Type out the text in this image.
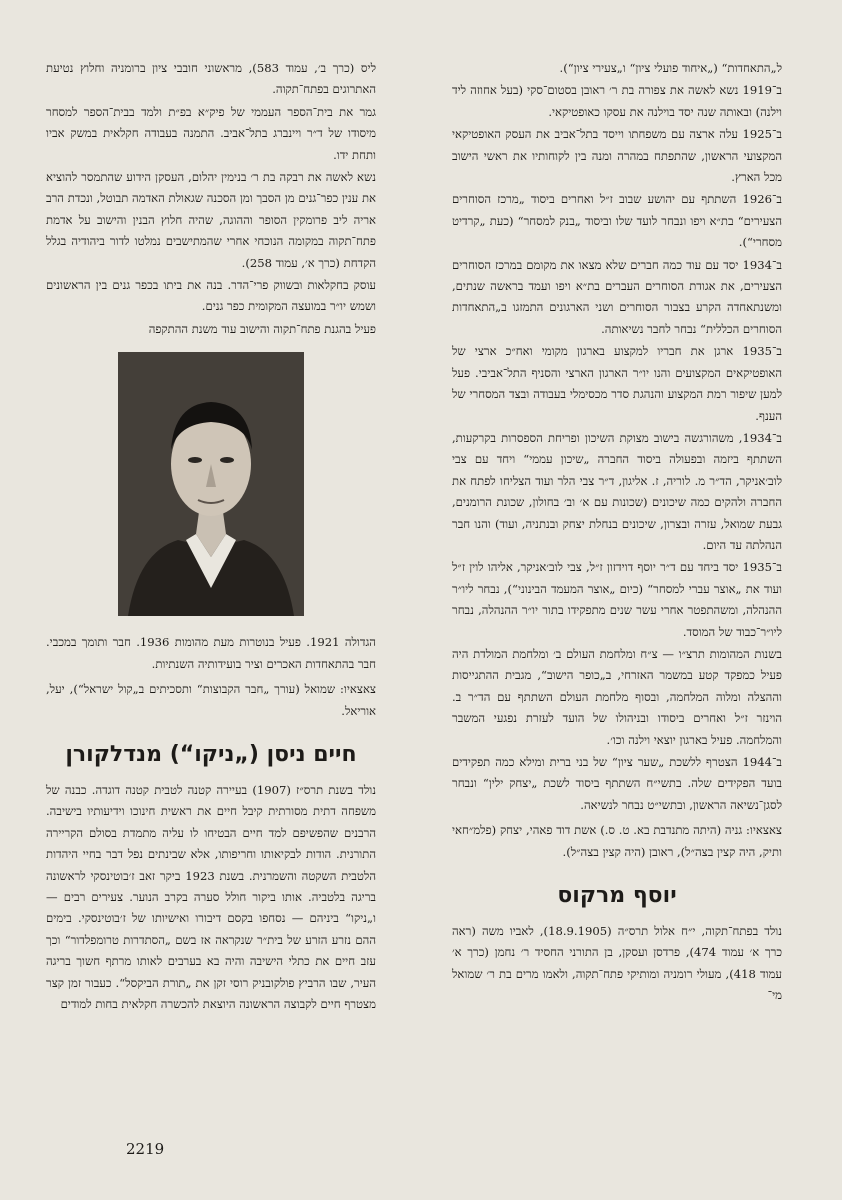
ל„התאחדות“ („איחוד פועלי ציון“ ו„צעירי ציון“).

ב־1919 נשא לאשה את צפורה בת ר׳ ראובן בסטום־סקי (בעל אחוזה ליד וילנה) ובאותה שנה יסד בוילנה את עסקו כאופטיקאי.

ב־1925 עלה ארצה עם משפחתו וייסד בתל־אביב את העסק האופטיקאי המקצועי הראשון, שהתפתח במהרה ומנה בין לקוחותיו את ראשי הישוב מכל הארץ.

ב־1926 השתתף עם יהושע שבוב ז״ל ואחרים ביסוד „מרכז הסוחרים הצעירים“ בת״א ויפו ונבחר לועד שלו וביסוד „בנק למסחר“ (כעת „קרדיט מסחרי“).

ב־1934 יסד עם עוד כמה חברים שלא מצאו את מקומם במרכז הסוחרים הצעירים, את אגודת הסוחרים העברים בת״א ויפו ועמד בראשה שנתים, ומשנתאחדה הקרע בצבור הסוחרים ושני הארגונים התמזגו ב„התאחדות הסוחרים הכללית“ נבחר לחבר נשיאותה.

ב־1935 ארגן את חבריו למקצוע בארגון מקומי ואח״כ ארצי של האופטיקאים המקצועים והנו יו״ר הארגון הארצי והסניף התל־אביבי. פעל למען שיפור רמת המקצוע והנהגת סדר מכסימלי בעבודה ובצד המסחרי של הענף.

ב־1934, משהורגשה בישוב מצוקת השיכון ופריחת הספסרות בקרקעות, השתתף ביזמה ובפעולה ביסוד החברה „שיכון עממי“ ויחד עם צבי לוב׳אניקר, הד״ר מ. לוריה, ז. אליגון, ד״ר צבי הלר ועוד הצליחו לפתח את החברה ולהקים כמה שיכונים (שכונות עם א׳ וב׳ בחולון, שכונת הרומנים, גבעת שמואל, עזרה ובצרון, שיכונים בנחלת יצחק ובנתניה, ועוד) והנו חבר הנהלתה עד היום.

ב־1935 יסד ביחד עם ד״ר יוסף דוידזון ז״ל, צבי לוב׳אניקר, אליהו לוין ז״ל ועוד את „אוצר עברי למסחר“ (כיום „אוצר המעמד הבינוני“), נבחר ליו״ר ההנהלה, ומשהתפטר אחרי עשר שנים מתפקידו בתור יו״ר ההנהלה, נבחר ליו״ר־כבוד של המוסד.

בשנות המהומות תרצ״ו — צ״ח ומלחמת העולם ב׳ ומלחמת המולדת היה פעיל כמפקד קטע במשמר האזרחי, ב„כופר הישוב“, מגבית ההתגייסות וההצלה ומלוה המלחמה, ובסוף מלחמת העולם השתתף עם הד״ר ב. הוינזר ז״ל ואחרים ביסודו ובניהולו של הועד לעזרת נפגעי המשבר והמלחמה. פעיל בארגון יוצאי וילנה וכו׳.

ב־1944 הצטרף ללשכת „שער ציון“ של בני ברית ומילא כמה תפקידים בועד הפקידים שלה. בתשי״ח השתתף ביסוד לשכת „יצחק ילין“ ונבחר לסגן־נשיאה הראשון, ובתשי״ט נבחר לנשיאה.

צאצאיו: גניה (היתה מתנדבת בא. ט. ס.) אשת דוד פאהי, יצחק (פלמ״חאי ותיק, היה קצין בצה״ל), ראובן (היה קצין בצה״ל).

יוסף מרקוס

נולד בפתח־תקוה, י״ח אלול תרס״ה (18.9.1905), לאביו משה (ראה כרך א׳ עמוד 474), פרדסן ועסקן, בן התורני החסיד ר׳ נחמן (כרך א׳ עמוד 418), מעולי רומניה ומותיקי פתח־תקוה, ולאמו מרים בת ר׳ שמואל מי־

ליס (כרך ב׳, עמוד 583), מראשוני חובבי ציון ברומניה וחלוץ נטיעת האתרוגים בפתח־תקוה.

גמר את בית־הספר העממי של פיק״א בפ״ת ולמד בבית־הספר למסחר מיסודו של ד״ר ויינברג בתל־אביב. התמנה בעבודה חקלאית במשק אביו ותחת ידו.

נשא לאשה את רבקה בת ר׳ בנימין יהלום, העסקן הידוע שהתמסר להוציא את ענין כפר־גנים מן הסבך ומן הסכנה שגאולת האדמה תבוטל, ונכדת הרב אריה ליב פרומקין הסופר וההוגה, שהיה חלוץ הבנין והישוב על אדמת פתח־תקוה במקומה הנוכחי אחרי שהמתישבים נמלטו לדור ביהודיה בגלל הקדחת (כרך א׳, עמוד 258).

עוסק בחקלאות ובשווק פרי־הדר. בנה את ביתו בכפר גנים בין הראשונים ושמש יו״ר במועצה המקומית כפר גנים.

פעיל בהגנת פתח־תקוה והישוב עוד משנת ההתקפה

הגדולה 1921. פעיל בנוטרות מעת מהומות 1936. חבר ותומך במכבי. חבר בהתאחדות האכרים וציר בועידותיה השנתיות.

צאצאיו: שמואל (עורך „חבר הקבוצות“ ותסכיתים ב„קול ישראל“), יעל, אוריאל.

חיים ניסן („ניקו“) מנדלקורן

נולד בשנת תרס״ז (1907) בעיירה קטנה לטבית קטנה דוגדה. כבנה של משפחה דתית מסורתית קיבל חיים את ראשית חינוכו וידיעותיו בישיבה. הרבנים שהפשיפם למד חיים הבטיחו לו עליה מתמדת בסולם הקריירה התורנית. הודות לבקיאותו וחריפותו, אלא שבינתים נפל דבר בחיי היהדות הלטבית השקטה והשמרנית. בשנת 1923 ביקר זאב ז׳בוטינסקי לראשונה בריגה בלטביה. אותו ביקור חולל סערה בקרב הנוער. צעירים רבים — ו„ניקו“ ביניהם — נסחפו בקסם דיבורו ואישיותו של ז׳בוטינסקי. בימים ההם נזרע הזרע של בית״ר שנקראה אז בשם „הסתדרות טרומפלדור“ וכך עזב חיים את כתלי הישיבה והיה בא בערבים לאותו מרתף חשוך בריגה העיר, שבו הרביץ פולקובניק רוסי זקן את „תורת הביקסל“. כעבור זמן קצר מצטרף חיים לקבוצה הראשונה היוצאת להכשרה חקלאית בחות למודים

2219
